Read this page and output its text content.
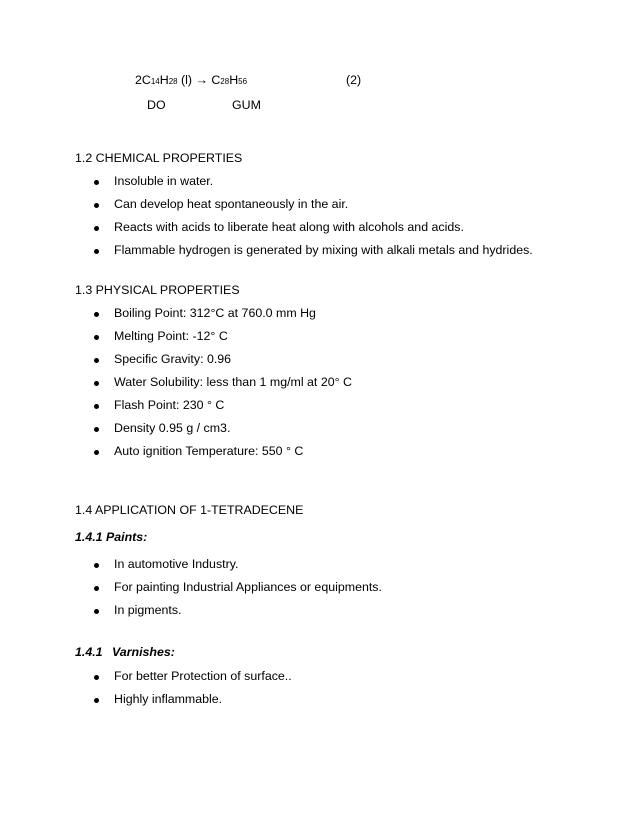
2C14H28 (l) → C28H56	(2)
DO	GUM
1.2 CHEMICAL PROPERTIES
Insoluble in water.
Can develop heat spontaneously in the air.
Reacts with acids to liberate heat along with alcohols and acids.
Flammable hydrogen is generated by mixing with alkali metals and hydrides.
1.3 PHYSICAL PROPERTIES
Boiling Point: 312°C at 760.0 mm Hg
Melting Point: -12° C
Specific Gravity: 0.96
Water Solubility: less than 1 mg/ml at 20° C
Flash Point: 230 ° C
Density 0.95 g / cm3.
Auto ignition Temperature: 550 ° C
1.4 APPLICATION OF 1-TETRADECENE
1.4.1 Paints:
In automotive Industry.
For painting Industrial Appliances or equipments.
In pigments.
1.4.1 Varnishes:
For better Protection of surface..
Highly inflammable.
